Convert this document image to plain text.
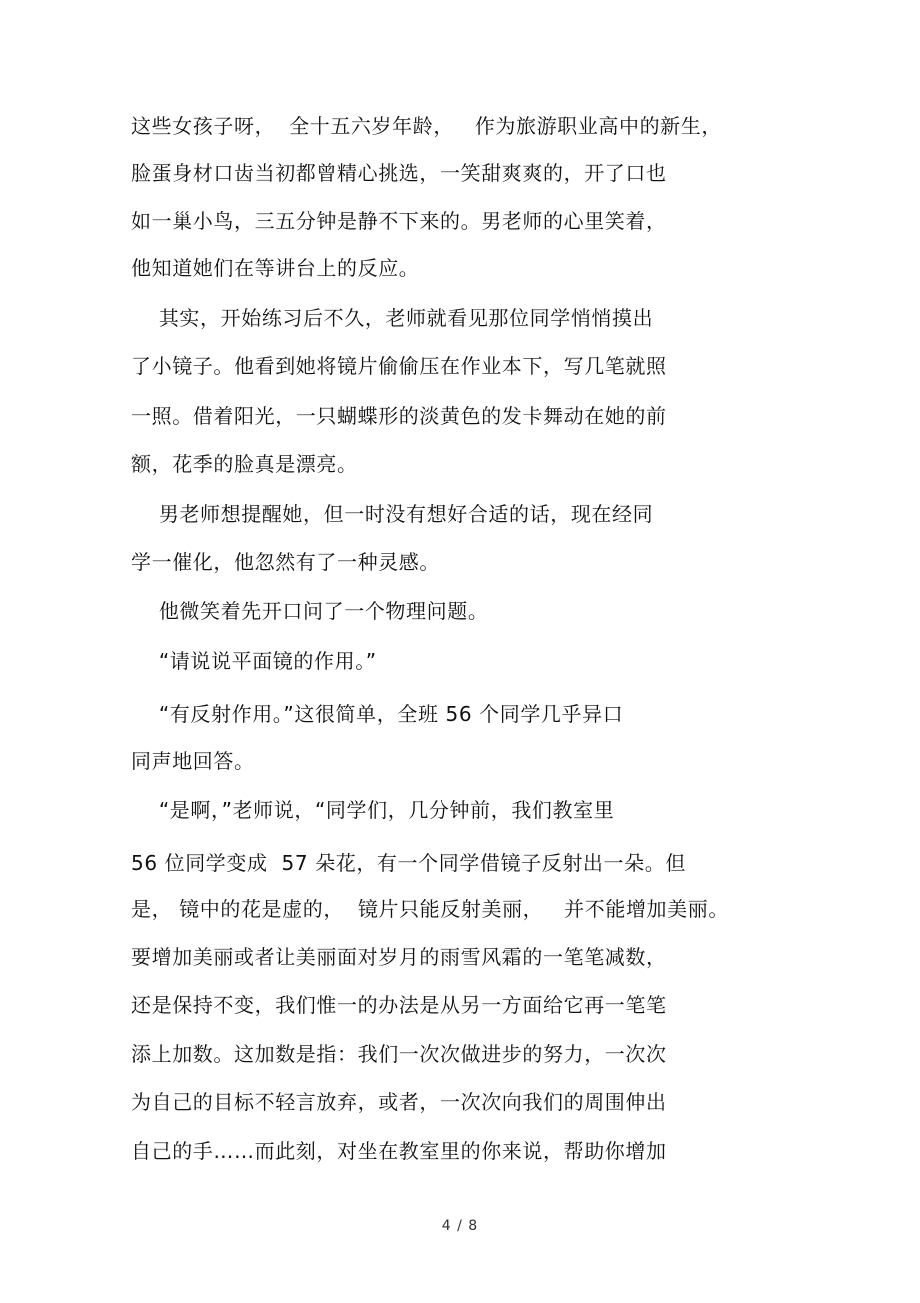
这些女孩子呀，  全十五六岁年龄，   作为旅游职业高中的新生，
脸蛋身材口齿当初都曾精心挑选，一笑甜爽爽的，开了口也
如一巢小鸟，三五分钟是静不下来的。男老师的心里笑着，
他知道她们在等讲台上的反应。
其实，开始练习后不久，老师就看见那位同学悄悄摸出
了小镜子。他看到她将镜片偷偷压在作业本下，写几笔就照
一照。借着阳光，一只蝴蝶形的淡黄色的发卡舞动在她的前
额，花季的脸真是漂亮。
男老师想提醒她，但一时没有想好合适的话，现在经同
学一催化，他忽然有了一种灵感。
他微笑着先开口问了一个物理问题。
“请说说平面镜的作用。”
“有反射作用。”这很简单，全班 56 个同学几乎异口
同声地回答。
“是啊，”老师说，“同学们，几分钟前，我们教室里
56 位同学变成  57 朵花，有一个同学借镜子反射出一朵。但
是， 镜中的花是虚的，  镜片只能反射美丽，   并不能增加美丽。
要增加美丽或者让美丽面对岁月的雨雪风霜的一笔笔减数，
还是保持不变，我们惟一的办法是从另一方面给它再一笔笔
添上加数。这加数是指：我们一次次做进步的努力，一次次
为自己的目标不轻言放弃，或者，一次次向我们的周围伸出
自己的手……而此刻，对坐在教室里的你来说，帮助你增加
4 / 8
